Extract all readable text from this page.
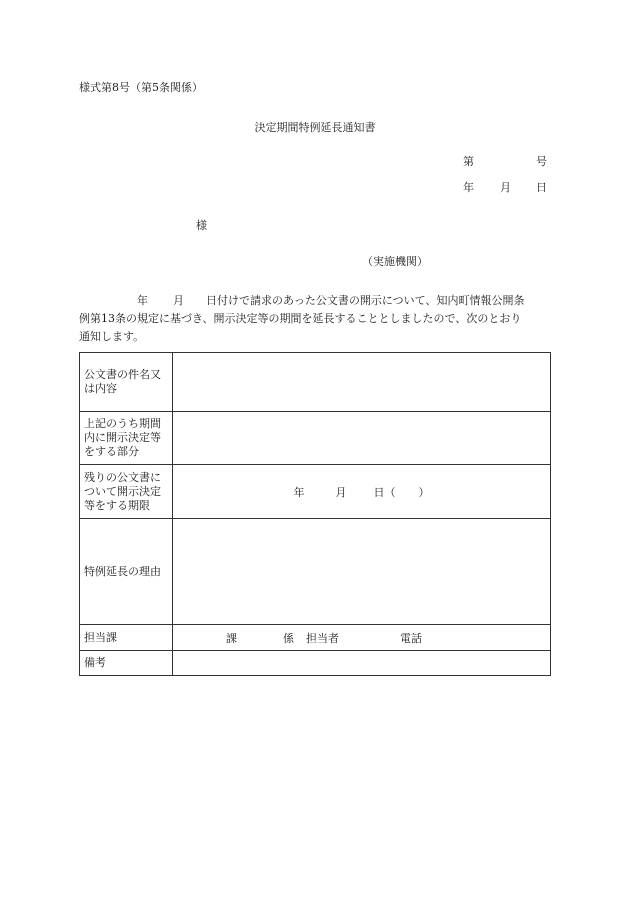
様式第8号（第5条関係）
決定期間特例延長通知書
第	号
年 月 日
様
（実施機関）

年 月 日付けで請求のあった公文書の開示について、知内町情報公開条

例第13条の規定に基づき、開示決定等の期間を延長することとしましたので、次のとおり

通知します。

公文書の件名又は内容	
上記のうち期間内に開示決定等をする部分	
残りの公文書について開示決定等をする期限	年 月 日（ ）
特例延長の理由	
担当課	課 係 担当者 電話

備考	
